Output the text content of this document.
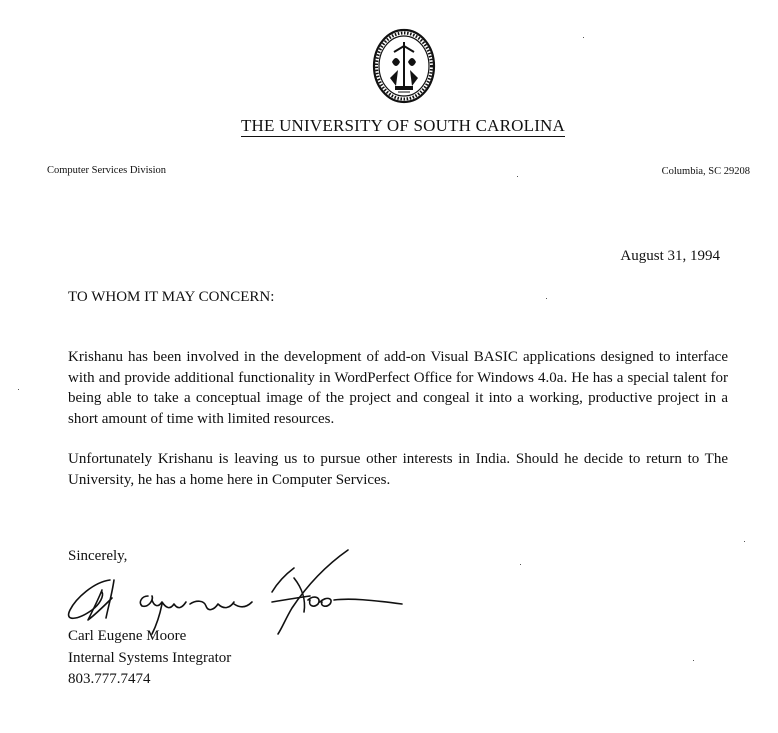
THE UNIVERSITY OF SOUTH CAROLINA
Computer Services Division	Columbia, SC 29208
August 31, 1994
TO WHOM IT MAY CONCERN:
Krishanu has been involved in the development of add-on Visual BASIC applications designed to interface with and provide additional functionality in WordPerfect Office for Windows 4.0a. He has a special talent for being able to take a conceptual image of the project and congeal it into a working, productive project in a short amount of time with limited resources.
Unfortunately Krishanu is leaving us to pursue other interests in India. Should he decide to return to The University, he has a home here in Computer Services.
Sincerely,
Carl Eugene Moore
Internal Systems Integrator
803.777.7474
